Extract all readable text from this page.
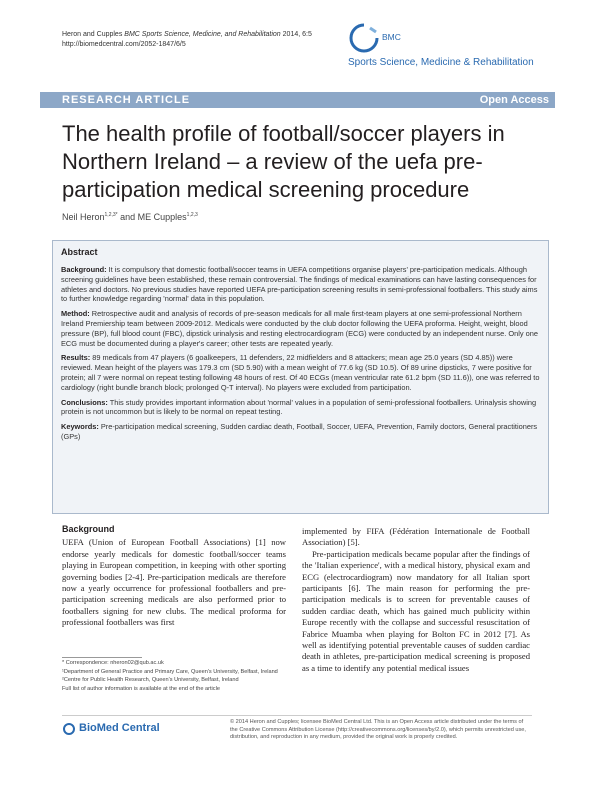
Heron and Cupples BMC Sports Science, Medicine, and Rehabilitation 2014, 6:5
http://biomedcentral.com/2052-1847/6/5
BMC
Sports Science, Medicine & Rehabilitation
RESEARCH ARTICLE	Open Access
The health profile of football/soccer players in Northern Ireland – a review of the uefa pre-participation medical screening procedure
Neil Heron$^{1,2,3*}$ and ME Cupples$^{1,2,3}$
Abstract

Background: It is compulsory that domestic football/soccer teams in UEFA competitions organise players' pre-participation medicals. Although screening guidelines have been established, these remain controversial. The findings of medical examinations can have lasting consequences for athletes and doctors. No previous studies have reported UEFA pre-participation screening results in semi-professional footballers. This study aims to further knowledge regarding 'normal' data in this population.

Method: Retrospective audit and analysis of records of pre-season medicals for all male first-team players at one semi-professional Northern Ireland Premiership team between 2009-2012. Medicals were conducted by the club doctor following the UEFA proforma. Height, weight, blood pressure (BP), full blood count (FBC), dipstick urinalysis and resting electrocardiogram (ECG) were conducted by an independent nurse. Only one ECG must be documented during a player's career; other tests are repeated yearly.

Results: 89 medicals from 47 players (6 goalkeepers, 11 defenders, 22 midfielders and 8 attackers; mean age 25.0 years (SD 4.85)) were reviewed. Mean height of the players was 179.3 cm (SD 5.90) with a mean weight of 77.6 kg (SD 10.5). Of 89 urine dipsticks, 7 were positive for protein; all 7 were normal on repeat testing following 48 hours of rest. Of 40 ECGs (mean ventricular rate 61.2 bpm (SD 11.6)), one was referred to cardiology (right bundle branch block; prolonged Q-T interval). No players were excluded from participation.

Conclusions: This study provides important information about 'normal' values in a population of semi-professional footballers. Urinalysis showing protein is not uncommon but is likely to be normal on repeat testing.

Keywords: Pre-participation medical screening, Sudden cardiac death, Football, Soccer, UEFA, Prevention, Family doctors, General practitioners (GPs)

Background
UEFA (Union of European Football Associations) [1] now endorse yearly medicals for domestic football/soccer teams playing in European competition, in keeping with other sporting governing bodies [2-4]. Pre-participation medicals are therefore now a yearly occurrence for professional footballers and pre-participation screening medicals are also performed prior to footballers signing for new clubs. The medical proforma for professional footballers was first

implemented by FIFA (Fédération Internationale de Football Association) [5].

Pre-participation medicals became popular after the findings of the 'Italian experience', with a medical history, physical exam and ECG (electrocardiogram) now mandatory for all Italian sport participants [6]. The main reason for performing the pre-participation medicals is to screen for preventable causes of sudden cardiac death, which has gained much publicity within Europe recently with the collapse and successful resuscitation of Fabrice Muamba when playing for Bolton FC in 2012 [7]. As well as identifying potential preventable causes of sudden cardiac death in athletes, pre-participation medical screening is proposed as a time to identify any potential medical issues

* Correspondence: nheron02@qub.ac.uk

¹Department of General Practice and Primary Care, Queen's University, Belfast, Ireland

²Centre for Public Health Research, Queen's University, Belfast, Ireland

Full list of author information is available at the end of the article

BioMed Central	© 2014 Heron and Cupples; licensee BioMed Central Ltd. This is an Open Access article distributed under the terms of the Creative Commons Attribution License (http://creativecommons.org/licenses/by/2.0), which permits unrestricted use, distribution, and reproduction in any medium, provided the original work is properly credited.
